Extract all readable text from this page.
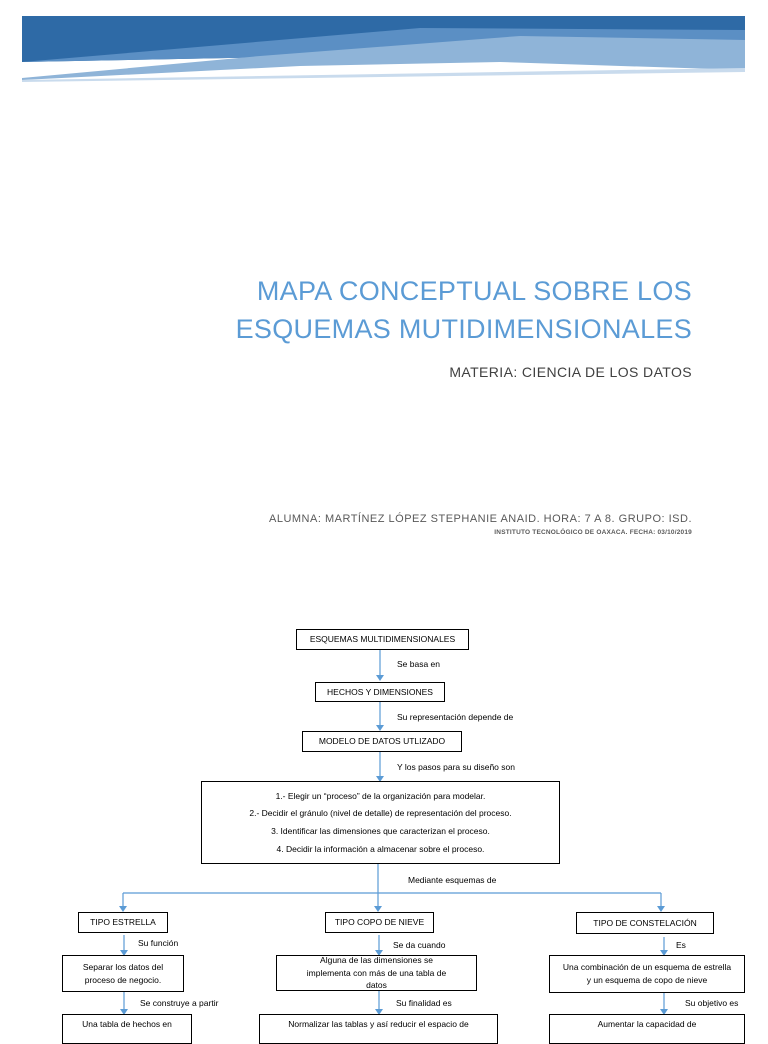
MAPA CONCEPTUAL SOBRE LOS
ESQUEMAS MUTIDIMENSIONALES
MATERIA: CIENCIA DE LOS DATOS
ALUMNA: MARTÍNEZ LÓPEZ STEPHANIE ANAID. HORA: 7 A 8. GRUPO: ISD.
INSTITUTO TECNOLÓGICO DE OAXACA. FECHA: 03/10/2019
ESQUEMAS MULTIDIMENSIONALES
Se basa en
HECHOS Y DIMENSIONES
Su representación depende de
MODELO DE DATOS UTLIZADO
Y los pasos para su diseño son
1.- Elegir un “proceso” de la organización para modelar.
2.- Decidir el gránulo (nivel de detalle) de representación del proceso.
3. Identificar las dimensiones que caracterizan el proceso.
4. Decidir la información a almacenar sobre el proceso.
Mediante esquemas de
TIPO ESTRELLA
Su función
Separar los datos del proceso de negocio.
Se construye a partir
Una tabla de hechos en
TIPO COPO DE NIEVE
Se da cuando
Alguna de las dimensiones se implementa con más de una tabla de datos
Su finalidad es
Normalizar las tablas y así reducir el espacio de
TIPO DE CONSTELACIÓN
Es
Una combinación de un esquema de estrella y un esquema de copo de nieve
Su objetivo es
Aumentar la capacidad de
